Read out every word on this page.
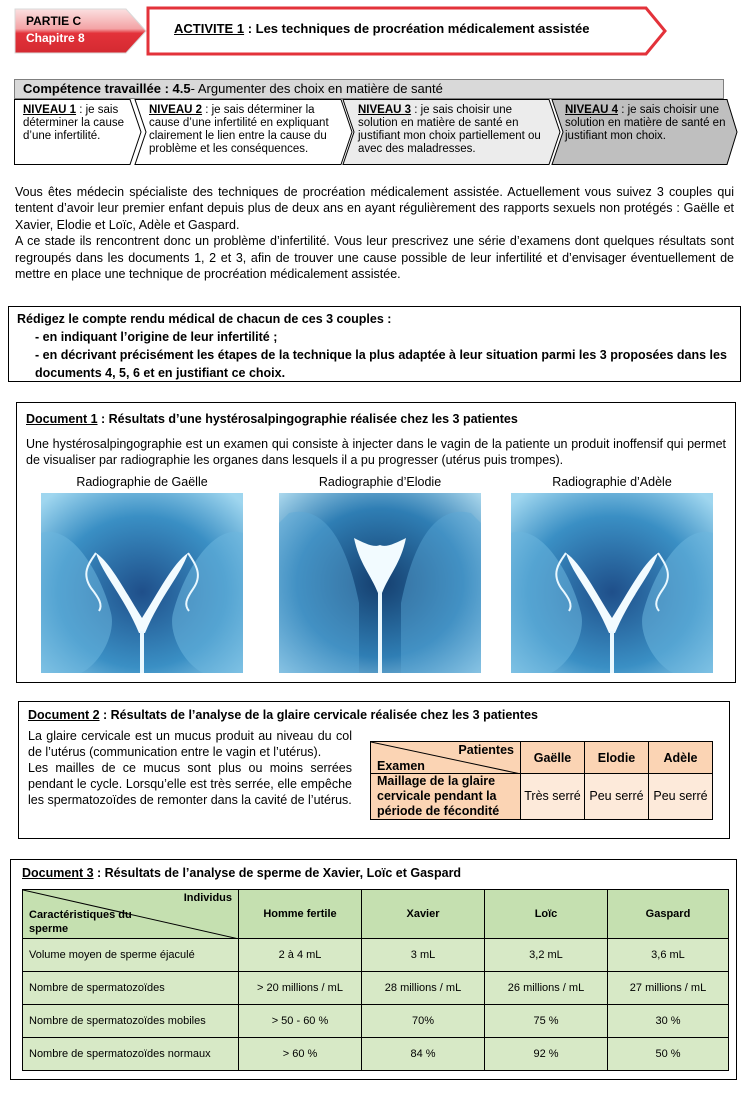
PARTIE C
Chapitre 8
ACTIVITE 1 : Les techniques de procréation médicalement assistée
Compétence travaillée : 4.5- Argumenter des choix en matière de santé
NIVEAU 1 : je sais déterminer la cause d’une infertilité.
NIVEAU 2 : je sais déterminer la cause d’une infertilité en expliquant clairement le lien entre la cause du problème et les conséquences.
NIVEAU 3 : je sais choisir une solution en matière de santé en justifiant mon choix partiellement ou avec des maladresses.
NIVEAU 4 : je sais choisir une solution en matière de santé en justifiant mon choix.
Vous êtes médecin spécialiste des techniques de procréation médicalement assistée. Actuellement vous suivez 3 couples qui tentent d’avoir leur premier enfant depuis plus de deux ans en ayant régulièrement des rapports sexuels non protégés : Gaëlle et Xavier, Elodie et Loïc, Adèle et Gaspard.
A ce stade ils rencontrent donc un problème d’infertilité. Vous leur prescrivez une série d’examens dont quelques résultats sont regroupés dans les documents 1, 2 et 3, afin de trouver une cause possible de leur infertilité et d’envisager éventuellement de mettre en place une technique de procréation médicalement assistée.
Rédigez le compte rendu médical de chacun de ces 3 couples :
- en indiquant l’origine de leur infertilité ;
- en décrivant précisément les étapes de la technique la plus adaptée à leur situation parmi les 3 proposées dans les documents 4, 5, 6 et en justifiant ce choix.
Document 1 : Résultats d’une hystérosalpingographie réalisée chez les 3 patientes
Une hystérosalpingographie est un examen qui consiste à injecter dans le vagin de la patiente un produit inoffensif qui permet de visualiser par radiographie les organes dans lesquels il a pu progresser (utérus puis trompes).
Radiographie de Gaëlle	Radiographie d’Elodie	Radiographie d’Adèle
Document 2 : Résultats de l’analyse de la glaire cervicale réalisée chez les 3 patientes
La glaire cervicale est un mucus produit au niveau du col de l’utérus (communication entre le vagin et l’utérus).
Les mailles de ce mucus sont plus ou moins serrées pendant le cycle. Lorsqu’elle est très serrée, elle empêche les spermatozoïdes de remonter dans la cavité de l’utérus.
Patientes
Examen	Gaëlle	Elodie	Adèle
Maillage de la glaire cervicale pendant la période de fécondité	Très serré	Peu serré	Peu serré
Document 3 : Résultats de l’analyse de sperme de Xavier, Loïc et Gaspard
Individus
Caractéristiques du sperme	Homme fertile	Xavier	Loïc	Gaspard
Volume moyen de sperme éjaculé	2 à 4 mL	3 mL	3,2 mL	3,6 mL
Nombre de spermatozoïdes	> 20 millions / mL	28 millions / mL	26 millions / mL	27 millions / mL
Nombre de spermatozoïdes mobiles	> 50 - 60 %	70%	75 %	30 %
Nombre de spermatozoïdes normaux	> 60 %	84 %	92 %	50 %
